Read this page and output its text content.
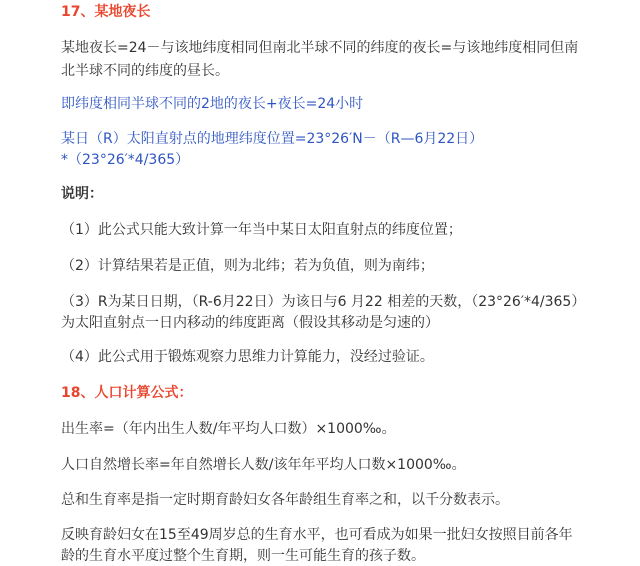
17、某地夜长
某地夜长=24－与该地纬度相同但南北半球不同的纬度的夜长=与该地纬度相同但南
北半球不同的纬度的昼长。
即纬度相同半球不同的2地的夜长+夜长=24小时
某日（R）太阳直射点的地理纬度位置=23°26′N－（R—6月22日）
*（23°26′*4/365）
说明：
（1）此公式只能大致计算一年当中某日太阳直射点的纬度位置；
（2）计算结果若是正值，则为北纬；若为负值，则为南纬；
（3）R为某日日期，（R-6月22日）为该日与6 月22 相差的天数，（23°26′*4/365）
为太阳直射点一日内移动的纬度距离（假设其移动是匀速的）
（4）此公式用于锻炼观察力思维力计算能力，没经过验证。
18、人口计算公式：
出生率=（年内出生人数/年平均人口数）×1000‰。
人口自然增长率=年自然增长人数/该年年平均人口数×1000‰。
总和生育率是指一定时期育龄妇女各年龄组生育率之和，以千分数表示。
反映育龄妇女在15至49周岁总的生育水平，也可看成为如果一批妇女按照目前各年
龄的生育水平度过整个生育期，则一生可能生育的孩子数。
